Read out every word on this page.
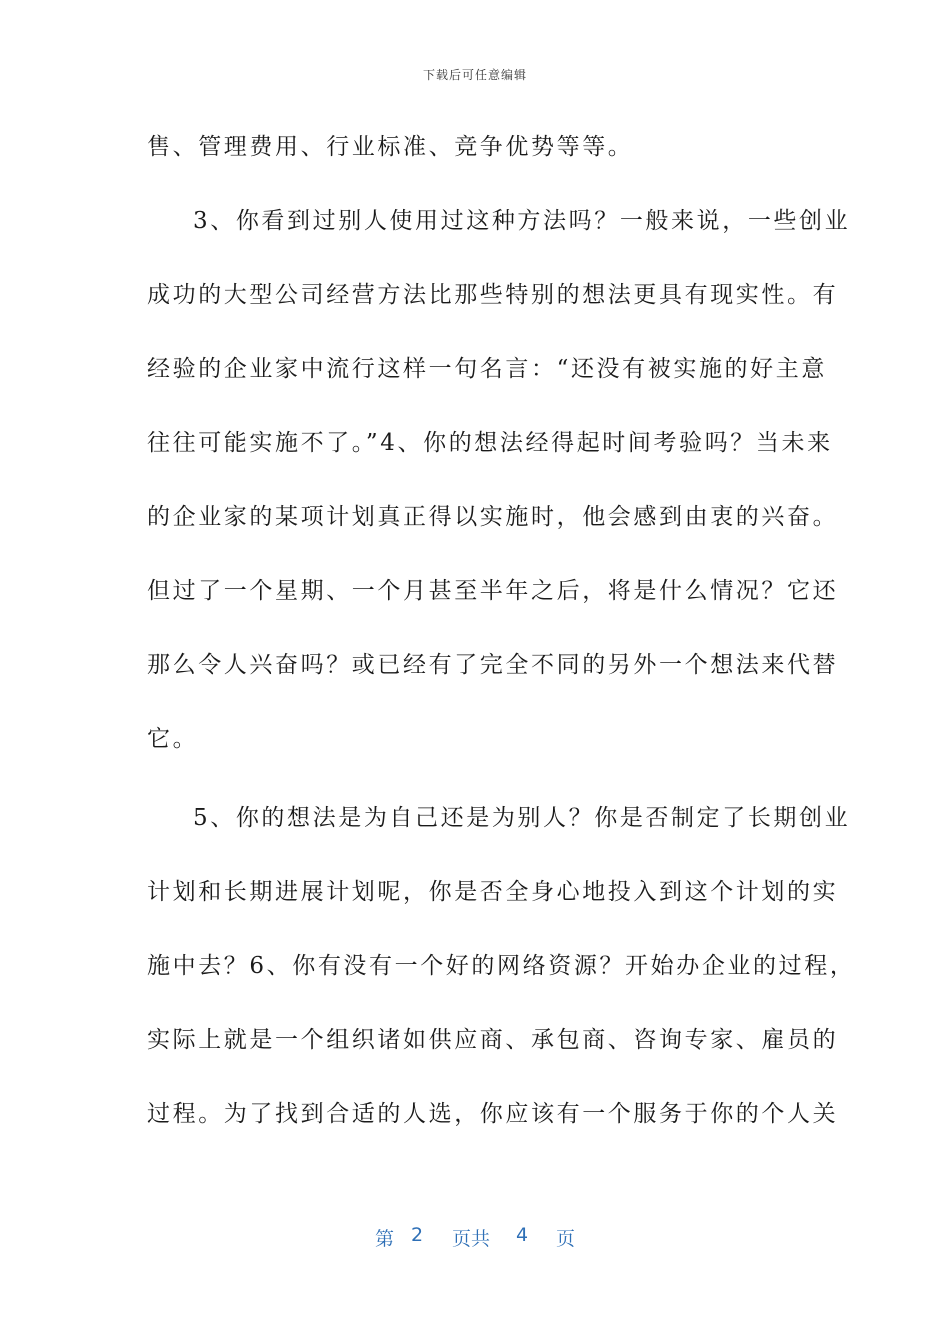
下载后可任意编辑
售、管理费用、行业标准、竞争优势等等。
3、你看到过别人使用过这种方法吗？一般来说，一些创业
成功的大型公司经营方法比那些特别的想法更具有现实性。有
经验的企业家中流行这样一句名言：“还没有被实施的好主意
往往可能实施不了。”4、你的想法经得起时间考验吗？当未来
的企业家的某项计划真正得以实施时，他会感到由衷的兴奋。
但过了一个星期、一个月甚至半年之后，将是什么情况？它还
那么令人兴奋吗？或已经有了完全不同的另外一个想法来代替
它。
5、你的想法是为自己还是为别人？你是否制定了长期创业
计划和长期进展计划呢，你是否全身心地投入到这个计划的实
施中去？6、你有没有一个好的网络资源？开始办企业的过程，
实际上就是一个组织诸如供应商、承包商、咨询专家、雇员的
过程。为了找到合适的人选，你应该有一个服务于你的个人关
第 2 页共 4 页
